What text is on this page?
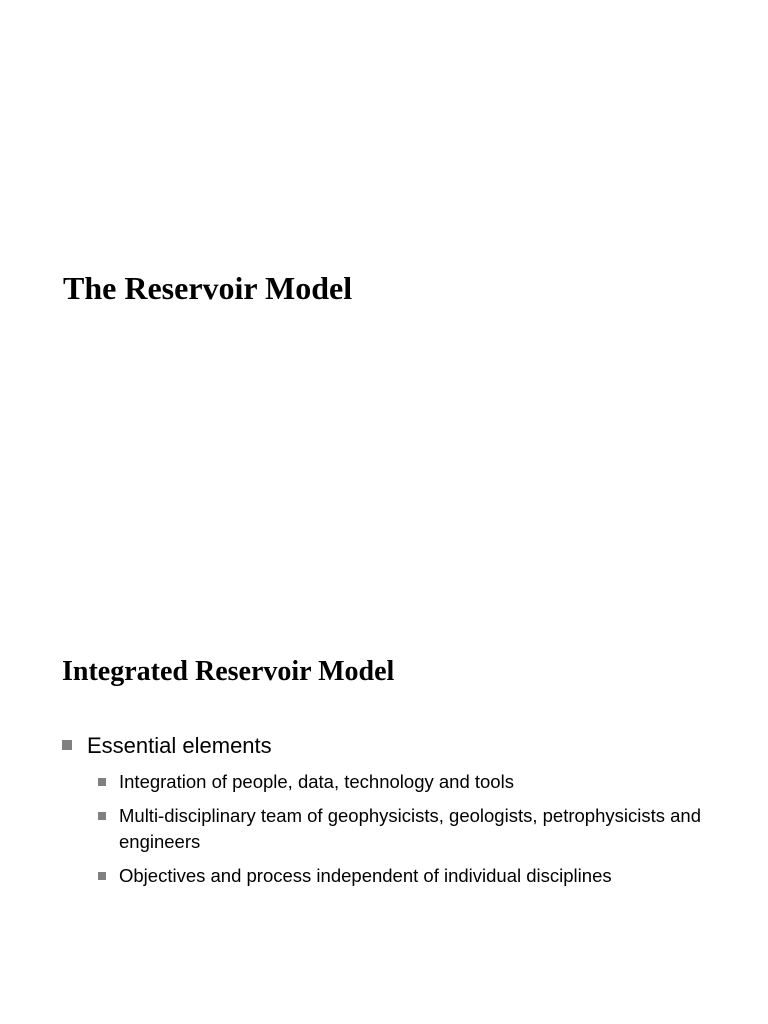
The Reservoir Model
Integrated Reservoir Model
Essential elements
Integration of people, data, technology and tools
Multi-disciplinary team of geophysicists, geologists, petrophysicists and engineers
Objectives and process independent of individual disciplines
